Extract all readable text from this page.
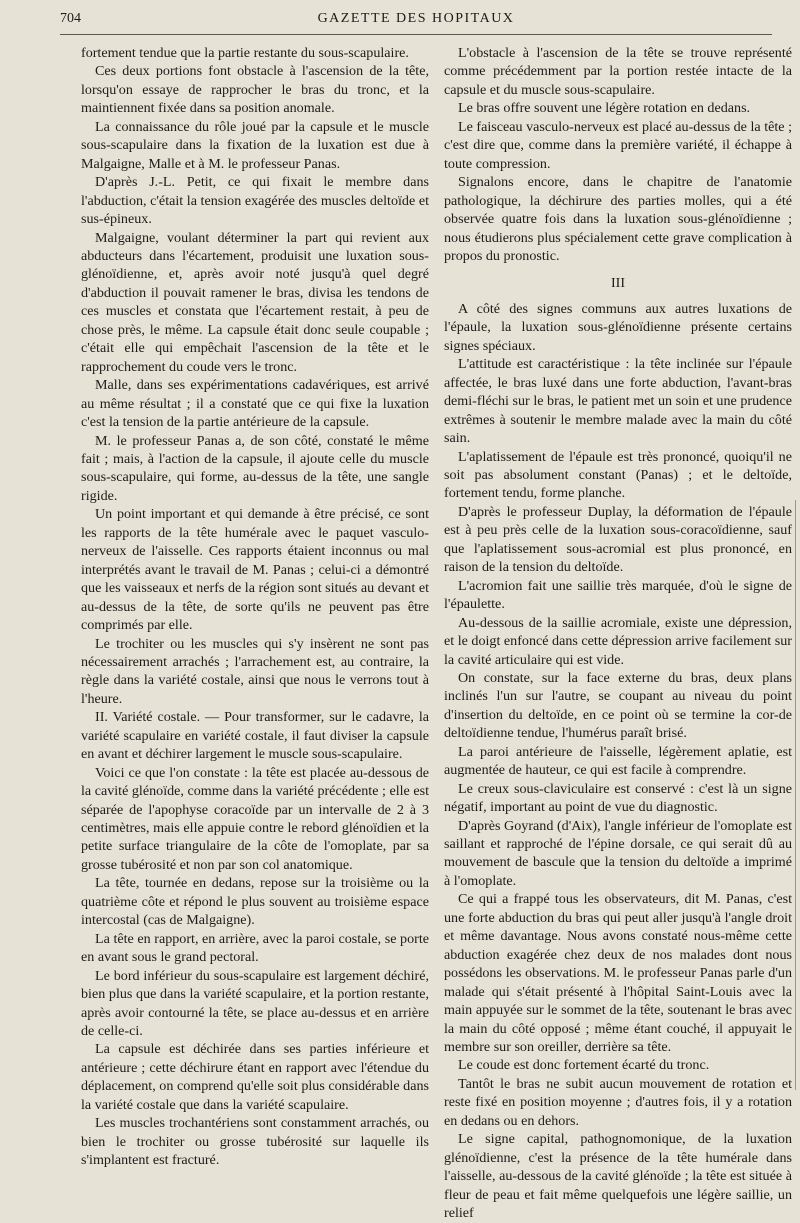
704	GAZETTE DES HOPITAUX

fortement tendue que la partie restante du sous-scapulaire.

Ces deux portions font obstacle à l'ascension de la tête, lorsqu'on essaye de rapprocher le bras du tronc, et la maintiennent fixée dans sa position anomale.

La connaissance du rôle joué par la capsule et le muscle sous-scapulaire dans la fixation de la luxation est due à Malgaigne, Malle et à M. le professeur Panas.

D'après J.-L. Petit, ce qui fixait le membre dans l'abduction, c'était la tension exagérée des muscles deltoïde et sus-épineux.

Malgaigne, voulant déterminer la part qui revient aux abducteurs dans l'écartement, produisit une luxation sous-glénoïdienne, et, après avoir noté jusqu'à quel degré d'abduction il pouvait ramener le bras, divisa les tendons de ces muscles et constata que l'écartement restait, à peu de chose près, le même. La capsule était donc seule coupable ; c'était elle qui empêchait l'ascension de la tête et le rapprochement du coude vers le tronc.

Malle, dans ses expérimentations cadavériques, est arrivé au même résultat ; il a constaté que ce qui fixe la luxation c'est la tension de la partie antérieure de la capsule.

M. le professeur Panas a, de son côté, constaté le même fait ; mais, à l'action de la capsule, il ajoute celle du muscle sous-scapulaire, qui forme, au-dessus de la tête, une sangle rigide.

Un point important et qui demande à être précisé, ce sont les rapports de la tête humérale avec le paquet vasculo-nerveux de l'aisselle. Ces rapports étaient inconnus ou mal interprétés avant le travail de M. Panas ; celui-ci a démontré que les vaisseaux et nerfs de la région sont situés au devant et au-dessus de la tête, de sorte qu'ils ne peuvent pas être comprimés par elle.

Le trochiter ou les muscles qui s'y insèrent ne sont pas nécessairement arrachés ; l'arrachement est, au contraire, la règle dans la variété costale, ainsi que nous le verrons tout à l'heure.

II. Variété costale. — Pour transformer, sur le cadavre, la variété scapulaire en variété costale, il faut diviser la capsule en avant et déchirer largement le muscle sous-scapulaire.

Voici ce que l'on constate : la tête est placée au-dessous de la cavité glénoïde, comme dans la variété précédente ; elle est séparée de l'apophyse coracoïde par un intervalle de 2 à 3 centimètres, mais elle appuie contre le rebord glénoïdien et la petite surface triangulaire de la côte de l'omoplate, par sa grosse tubérosité et non par son col anatomique.

La tête, tournée en dedans, repose sur la troisième ou la quatrième côte et répond le plus souvent au troisième espace intercostal (cas de Malgaigne).

La tête en rapport, en arrière, avec la paroi costale, se porte en avant sous le grand pectoral.

Le bord inférieur du sous-scapulaire est largement déchiré, bien plus que dans la variété scapulaire, et la portion restante, après avoir contourné la tête, se place au-dessus et en arrière de celle-ci.

La capsule est déchirée dans ses parties inférieure et antérieure ; cette déchirure étant en rapport avec l'étendue du déplacement, on comprend qu'elle soit plus considérable dans la variété costale que dans la variété scapulaire.

Les muscles trochantériens sont constamment arrachés, ou bien le trochiter ou grosse tubérosité sur laquelle ils s'implantent est fracturé.

L'obstacle à l'ascension de la tête se trouve représenté comme précédemment par la portion restée intacte de la capsule et du muscle sous-scapulaire.

Le bras offre souvent une légère rotation en dedans.

Le faisceau vasculo-nerveux est placé au-dessus de la tête ; c'est dire que, comme dans la première variété, il échappe à toute compression.

Signalons encore, dans le chapitre de l'anatomie pathologique, la déchirure des parties molles, qui a été observée quatre fois dans la luxation sous-glénoïdienne ; nous étudierons plus spécialement cette grave complication à propos du pronostic.

III

A côté des signes communs aux autres luxations de l'épaule, la luxation sous-glénoïdienne présente certains signes spéciaux.

L'attitude est caractéristique : la tête inclinée sur l'épaule affectée, le bras luxé dans une forte abduction, l'avant-bras demi-fléchi sur le bras, le patient met un soin et une prudence extrêmes à soutenir le membre malade avec la main du côté sain.

L'aplatissement de l'épaule est très prononcé, quoiqu'il ne soit pas absolument constant (Panas) ; et le deltoïde, fortement tendu, forme planche.

D'après le professeur Duplay, la déformation de l'épaule est à peu près celle de la luxation sous-coracoïdienne, sauf que l'aplatissement sous-acromial est plus prononcé, en raison de la tension du deltoïde.

L'acromion fait une saillie très marquée, d'où le signe de l'épaulette.

Au-dessous de la saillie acromiale, existe une dépression, et le doigt enfoncé dans cette dépression arrive facilement sur la cavité articulaire qui est vide.

On constate, sur la face externe du bras, deux plans inclinés l'un sur l'autre, se coupant au niveau du point d'insertion du deltoïde, en ce point où se termine la cor-de deltoïdienne tendue, l'humérus paraît brisé.

La paroi antérieure de l'aisselle, légèrement aplatie, est augmentée de hauteur, ce qui est facile à comprendre.

Le creux sous-claviculaire est conservé : c'est là un signe négatif, important au point de vue du diagnostic.

D'après Goyrand (d'Aix), l'angle inférieur de l'omoplate est saillant et rapproché de l'épine dorsale, ce qui serait dû au mouvement de bascule que la tension du deltoïde a imprimé à l'omoplate.

Ce qui a frappé tous les observateurs, dit M. Panas, c'est une forte abduction du bras qui peut aller jusqu'à l'angle droit et même davantage. Nous avons constaté nous-même cette abduction exagérée chez deux de nos malades dont nous possédons les observations. M. le professeur Panas parle d'un malade qui s'était présenté à l'hôpital Saint-Louis avec la main appuyée sur le sommet de la tête, soutenant le bras avec la main du côté opposé ; même étant couché, il appuyait le membre sur son oreiller, derrière sa tête.

Le coude est donc fortement écarté du tronc.

Tantôt le bras ne subit aucun mouvement de rotation et reste fixé en position moyenne ; d'autres fois, il y a rotation en dedans ou en dehors.

Le signe capital, pathognomonique, de la luxation glénoïdienne, c'est la présence de la tête humérale dans l'aisselle, au-dessous de la cavité glénoïde ; la tête est située à fleur de peau et fait même quelquefois une légère saillie, un relief
